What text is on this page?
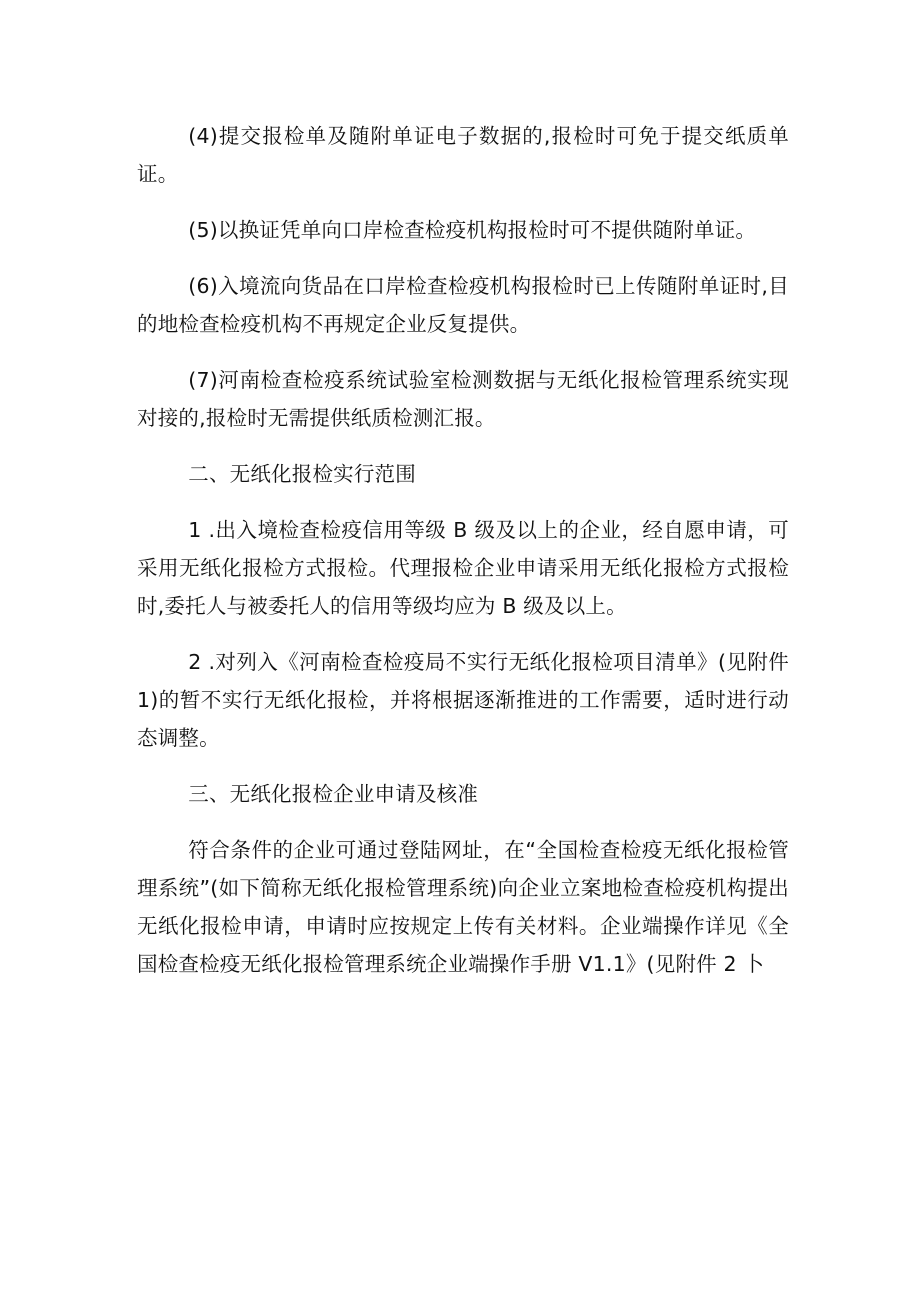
(4)提交报检单及随附单证电子数据的,报检时可免于提交纸质单证。

(5)以换证凭单向口岸检查检疫机构报检时可不提供随附单证。

(6)入境流向货品在口岸检查检疫机构报检时已上传随附单证时,目的地检查检疫机构不再规定企业反复提供。

(7)河南检查检疫系统试验室检测数据与无纸化报检管理系统实现对接的,报检时无需提供纸质检测汇报。

二、无纸化报检实行范围

1 .出入境检查检疫信用等级 B 级及以上的企业，经自愿申请，可采用无纸化报检方式报检。代理报检企业申请采用无纸化报检方式报检时,委托人与被委托人的信用等级均应为 B 级及以上。

2 .对列入《河南检查检疫局不实行无纸化报检项目清单》(见附件 1)的暂不实行无纸化报检，并将根据逐渐推进的工作需要，适时进行动态调整。

三、无纸化报检企业申请及核准

符合条件的企业可通过登陆网址，在“全国检查检疫无纸化报检管理系统”(如下简称无纸化报检管理系统)向企业立案地检查检疫机构提出无纸化报检申请，申请时应按规定上传有关材料。企业端操作详见《全国检查检疫无纸化报检管理系统企业端操作手册 V1.1》(见附件 2 卜
